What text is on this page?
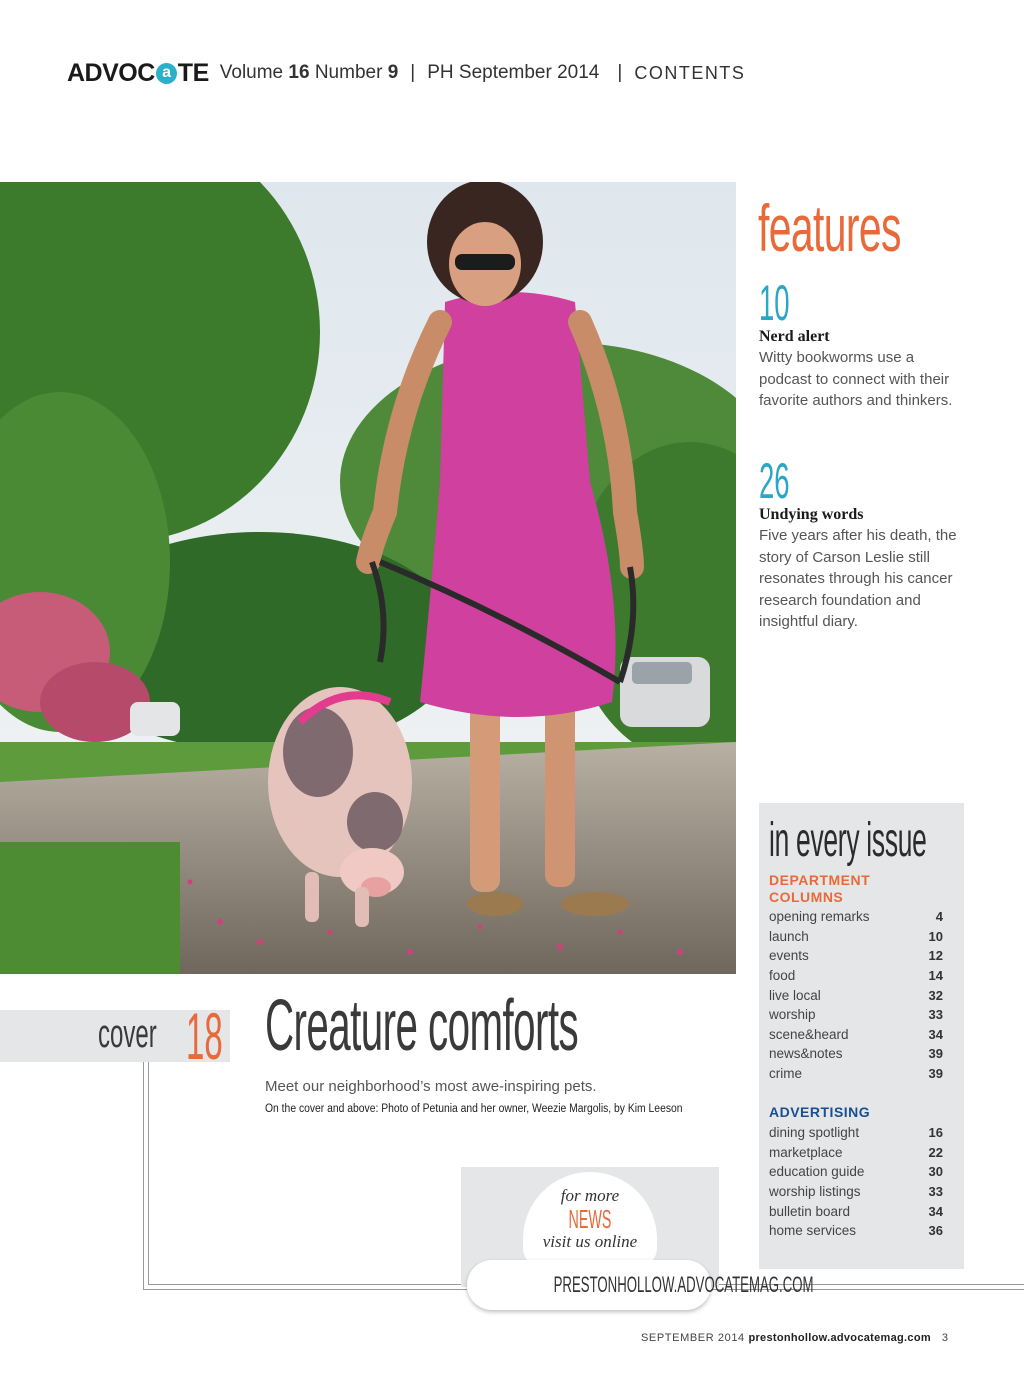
ADVOC a TE Volume 16 Number 9 | PH September 2014 | CONTENTS
features
10
Nerd alert
Witty bookworms use a podcast to connect with their favorite authors and thinkers.
26
Undying words
Five years after his death, the story of Carson Leslie still resonates through his cancer research foundation and insightful diary.
in every issue
DEPARTMENT COLUMNS
opening remarks	4
launch	10
events	12
food	14
live local	32
worship	33
scene&heard	34
news&notes	39
crime	39
ADVERTISING
dining spotlight	16
marketplace	22
education guide	30
worship listings	33
bulletin board	34
home services	36
cover 18 Creature comforts
Meet our neighborhood’s most awe-inspiring pets.
On the cover and above: Photo of Petunia and her owner, Weezie Margolis, by Kim Leeson
for more
NEWS
visit us online
PRESTONHOLLOW.ADVOCATEMAG.COM
SEPTEMBER 2014 prestonhollow.advocatemag.com 3
